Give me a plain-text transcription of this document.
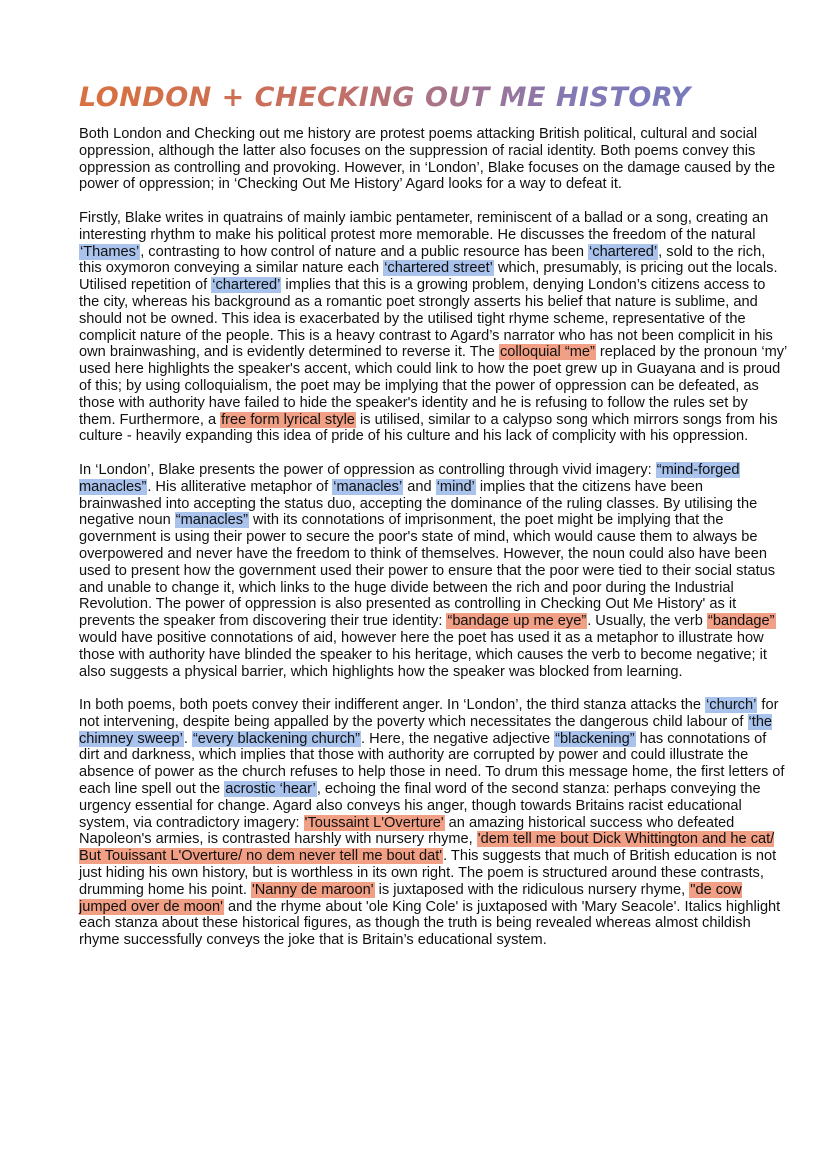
LONDON + CHECKING OUT ME HISTORY

Both London and Checking out me history are protest poems attacking British political, cultural and social oppression, although the latter also focuses on the suppression of racial identity. Both poems convey this oppression as controlling and provoking. However, in ‘London’, Blake focuses on the damage caused by the power of oppression; in ‘Checking Out Me History’ Agard looks for a way to defeat it.

Firstly, Blake writes in quatrains of mainly iambic pentameter, reminiscent of a ballad or a song, creating an interesting rhythm to make his political protest more memorable. He discusses the freedom of the natural ‘Thames’, contrasting to how control of nature and a public resource has been ‘chartered’, sold to the rich, this oxymoron conveying a similar nature each ‘chartered street’ which, presumably, is pricing out the locals. Utilised repetition of ‘chartered’ implies that this is a growing problem, denying London’s citizens access to the city, whereas his background as a romantic poet strongly asserts his belief that nature is sublime, and should not be owned. This idea is exacerbated by the utilised tight rhyme scheme, representative of the complicit nature of the people. This is a heavy contrast to Agard’s narrator who has not been complicit in his own brainwashing, and is evidently determined to reverse it. The colloquial “me” replaced by the pronoun ‘my’ used here highlights the speaker's accent, which could link to how the poet grew up in Guayana and is proud of this; by using colloquialism, the poet may be implying that the power of oppression can be defeated, as those with authority have failed to hide the speaker's identity and he is refusing to follow the rules set by them. Furthermore, a free form lyrical style is utilised, similar to a calypso song which mirrors songs from his culture - heavily expanding this idea of pride of his culture and his lack of complicity with his oppression.

In ‘London’, Blake presents the power of oppression as controlling through vivid imagery: “mind-forged manacles”. His alliterative metaphor of ‘manacles’ and ‘mind’ implies that the citizens have been brainwashed into accepting the status duo, accepting the dominance of the ruling classes. By utilising the negative noun “manacles” with its connotations of imprisonment, the poet might be implying that the government is using their power to secure the poor's state of mind, which would cause them to always be overpowered and never have the freedom to think of themselves. However, the noun could also have been used to present how the government used their power to ensure that the poor were tied to their social status and unable to change it, which links to the huge divide between the rich and poor during the Industrial Revolution. The power of oppression is also presented as controlling in Checking Out Me History' as it prevents the speaker from discovering their true identity: “bandage up me eye”. Usually, the verb “bandage” would have positive connotations of aid, however here the poet has used it as a metaphor to illustrate how those with authority have blinded the speaker to his heritage, which causes the verb to become negative; it also suggests a physical barrier, which highlights how the speaker was blocked from learning.

In both poems, both poets convey their indifferent anger. In ‘London’, the third stanza attacks the ‘church’ for not intervening, despite being appalled by the poverty which necessitates the dangerous child labour of ‘the chimney sweep’. “every blackening church”. Here, the negative adjective “blackening” has connotations of dirt and darkness, which implies that those with authority are corrupted by power and could illustrate the absence of power as the church refuses to help those in need. To drum this message home, the first letters of each line spell out the acrostic ‘hear’, echoing the final word of the second stanza: perhaps conveying the urgency essential for change. Agard also conveys his anger, though towards Britains racist educational system, via contradictory imagery: 'Toussaint L'Overture' an amazing historical success who defeated Napoleon's armies, is contrasted harshly with nursery rhyme, 'dem tell me bout Dick Whittington and he cat/ But Touissant L'Overture/ no dem never tell me bout dat'. This suggests that much of British education is not just hiding his own history, but is worthless in its own right. The poem is structured around these contrasts, drumming home his point. 'Nanny de maroon' is juxtaposed with the ridiculous nursery rhyme, "de cow jumped over de moon' and the rhyme about 'ole King Cole' is juxtaposed with 'Mary Seacole'. Italics highlight each stanza about these historical figures, as though the truth is being revealed whereas almost childish rhyme successfully conveys the joke that is Britain’s educational system.
